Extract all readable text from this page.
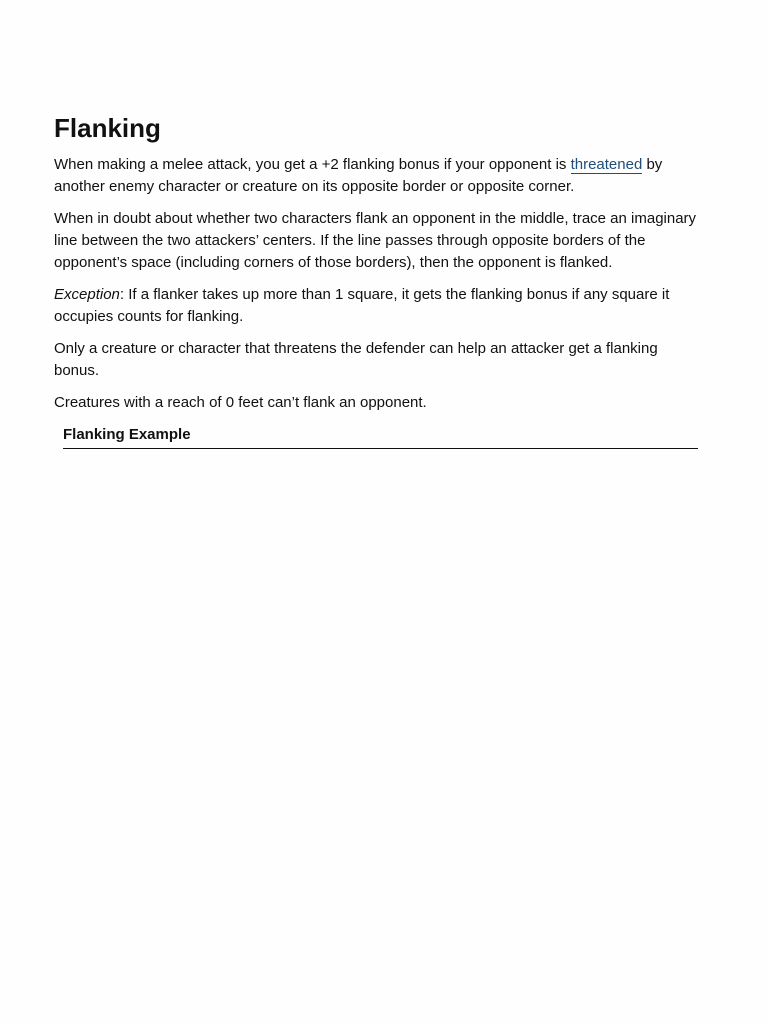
Flanking

When making a melee attack, you get a +2 flanking bonus if your opponent is threatened by another enemy character or creature on its opposite border or opposite corner.

When in doubt about whether two characters flank an opponent in the middle, trace an imaginary line between the two attackers’ centers. If the line passes through opposite borders of the opponent’s space (including corners of those borders), then the opponent is flanked.

Exception: If a flanker takes up more than 1 square, it gets the flanking bonus if any square it occupies counts for flanking.

Only a creature or character that threatens the defender can help an attacker get a flanking bonus.

Creatures with a reach of 0 feet can’t flank an opponent.

Flanking Example
